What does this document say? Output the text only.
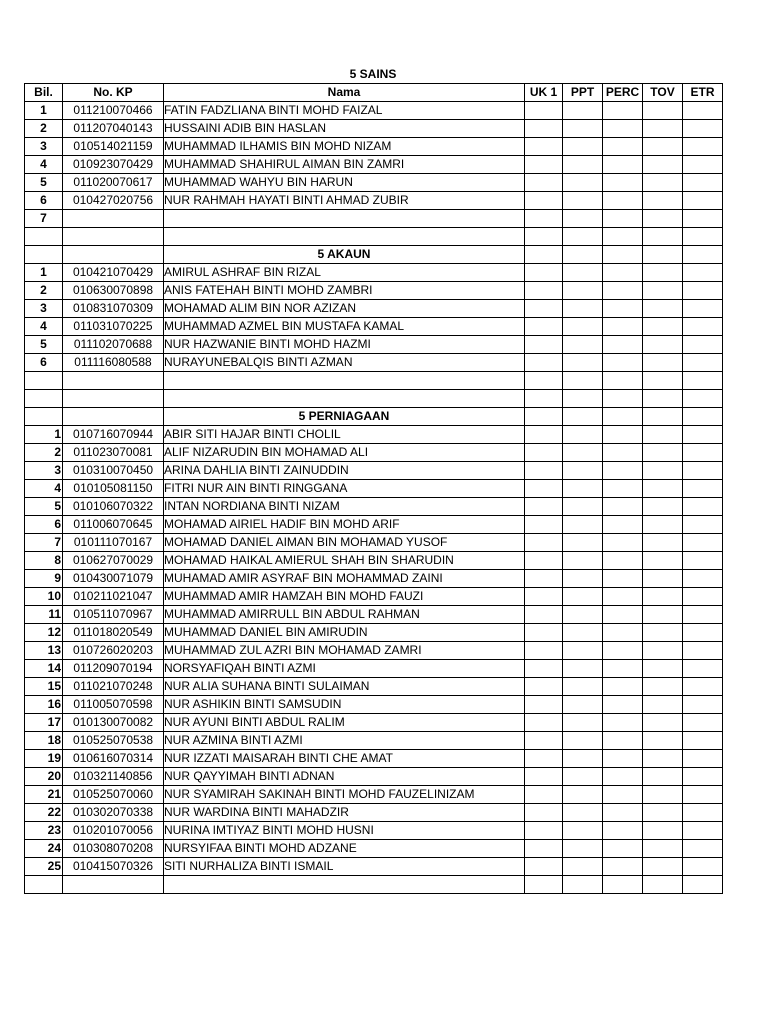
5 SAINS
Bil.	No. KP	Nama	UK 1	PPT	PERC	TOV	ETR
1	011210070466	FATIN FADZLIANA BINTI MOHD FAIZAL					
2	011207040143	HUSSAINI ADIB BIN HASLAN					
3	010514021159	MUHAMMAD ILHAMIS BIN MOHD NIZAM					
4	010923070429	MUHAMMAD SHAHIRUL AIMAN BIN ZAMRI					
5	011020070617	MUHAMMAD WAHYU BIN HARUN					
6	010427020756	NUR RAHMAH HAYATI BINTI AHMAD ZUBIR					
7							

		5 AKAUN					
1	010421070429	AMIRUL ASHRAF BIN RIZAL					
2	010630070898	ANIS FATEHAH BINTI MOHD ZAMBRI					
3	010831070309	MOHAMAD ALIM BIN NOR AZIZAN					
4	011031070225	MUHAMMAD AZMEL BIN MUSTAFA KAMAL					
5	011102070688	NUR HAZWANIE BINTI MOHD HAZMI					
6	011116080588	NURAYUNEBALQIS BINTI AZMAN					

		5 PERNIAGAAN					
1	010716070944	ABIR SITI HAJAR BINTI CHOLIL					
2	011023070081	ALIF NIZARUDIN BIN MOHAMAD ALI					
3	010310070450	ARINA DAHLIA BINTI ZAINUDDIN					
4	010105081150	FITRI NUR AIN BINTI RINGGANA					
5	010106070322	INTAN NORDIANA BINTI NIZAM					
6	011006070645	MOHAMAD AIRIEL HADIF BIN MOHD ARIF					
7	010111070167	MOHAMAD DANIEL AIMAN BIN MOHAMAD YUSOF					
8	010627070029	MOHAMAD HAIKAL AMIERUL SHAH BIN SHARUDIN					
9	010430071079	MUHAMAD AMIR ASYRAF BIN MOHAMMAD ZAINI					
10	010211021047	MUHAMMAD AMIR HAMZAH BIN MOHD FAUZI					
11	010511070967	MUHAMMAD AMIRRULL BIN ABDUL RAHMAN					
12	011018020549	MUHAMMAD DANIEL BIN AMIRUDIN					
13	010726020203	MUHAMMAD ZUL AZRI BIN MOHAMAD ZAMRI					
14	011209070194	NORSYAFIQAH BINTI AZMI					
15	011021070248	NUR ALIA SUHANA BINTI SULAIMAN					
16	011005070598	NUR ASHIKIN BINTI SAMSUDIN					
17	010130070082	NUR AYUNI BINTI ABDUL RALIM					
18	010525070538	NUR AZMINA BINTI AZMI					
19	010616070314	NUR IZZATI MAISARAH BINTI CHE AMAT					
20	010321140856	NUR QAYYIMAH BINTI ADNAN					
21	010525070060	NUR SYAMIRAH SAKINAH BINTI MOHD FAUZELINIZAM					
22	010302070338	NUR WARDINA BINTI MAHADZIR					
23	010201070056	NURINA IMTIYAZ BINTI MOHD HUSNI					
24	010308070208	NURSYIFAA BINTI MOHD ADZANE					
25	010415070326	SITI NURHALIZA BINTI ISMAIL					
